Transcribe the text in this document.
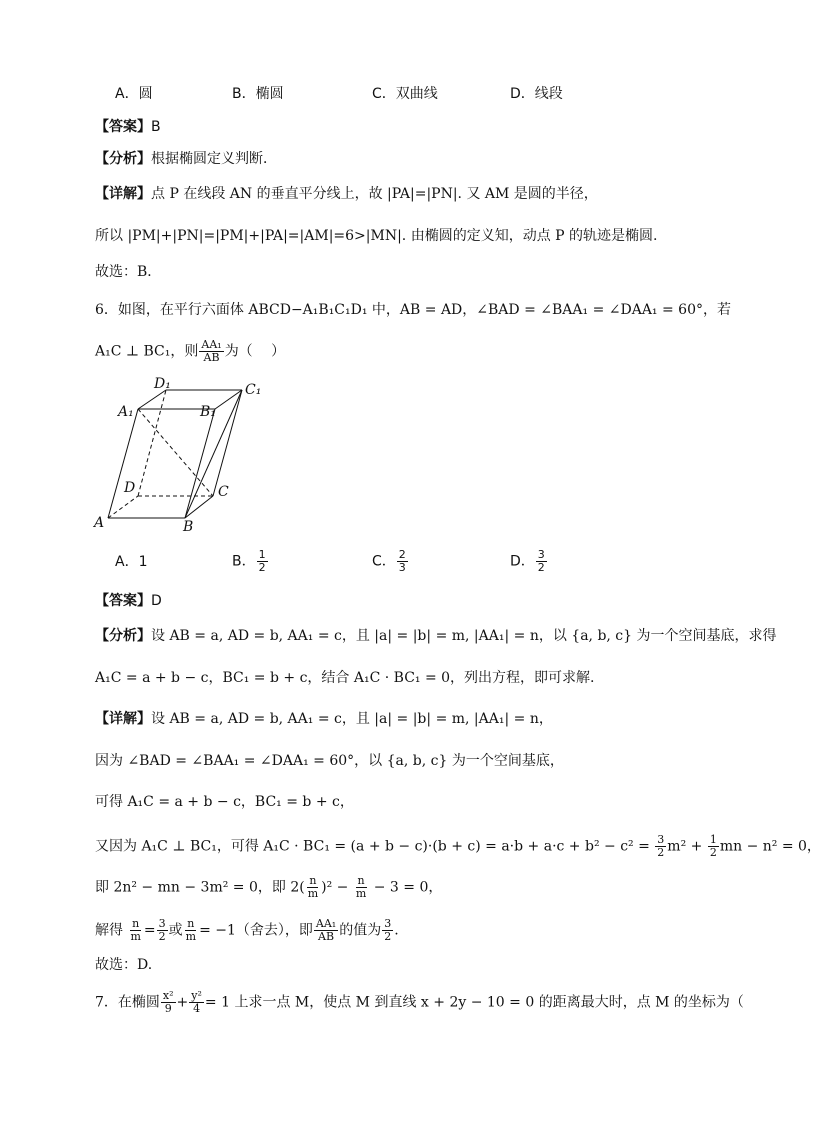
A．圆	B．椭圆	C．双曲线	D．线段
【答案】B
【分析】根据椭圆定义判断．
【详解】点 P 在线段 AN 的垂直平分线上，故 |PA|=|PN|. 又 AM 是圆的半径，
所以 |PM|+|PN|=|PM|+|PA|=|AM|=6>|MN|. 由椭圆的定义知，动点 P 的轨迹是椭圆.
故选：B．
6．如图，在平行六面体 ABCD−A₁B₁C₁D₁ 中，AB = AD，∠BAD = ∠BAA₁ = ∠DAA₁ = 60°，若
A₁C ⊥ BC₁，则 $\frac{\text{AA₁}}{AB}$ 为（　 ）
D₁	C₁
A₁	B₁
D	C
A	B
A．1	B． $\frac{1}{2}$	C． $\frac{2}{3}$	D． $\frac{3}{2}$
【答案】D
【分析】设 AB = a, AD = b, AA₁ = c，且 |a| = |b| = m, |AA₁| = n，以 {a, b, c} 为一个空间基底，求得
A₁C = a + b − c，BC₁ = b + c，结合 A₁C · BC₁ = 0，列出方程，即可求解.
【详解】设 AB = a, AD = b, AA₁ = c，且 |a| = |b| = m, |AA₁| = n，
因为 ∠BAD = ∠BAA₁ = ∠DAA₁ = 60°，以 {a, b, c} 为一个空间基底，
可得 A₁C = a + b − c，BC₁ = b + c，
又因为 A₁C ⊥ BC₁，可得 $A_1C \cdot BC_1 = (a + b - c)\cdot(b + c) = a\cdot b + a\cdot c + b^2 - c^2 = \frac{3}{2} m^2 + \frac{1}{2}$ mn − n² = 0，
即 2n² − mn − 3m² = 0，即 $2( \frac{n}{m} )^2 - \frac{n}{m} - 3 = 0$，
解得 $\frac{n}{m} = \frac{3}{2}$ 或 $\frac{n}{m} = -1$（舍去），即 $\frac{\text{AA₁}}{AB}$ 的值为 $\frac{3}{2}$ .
故选：D.
7．在椭圆 $\frac{\text{x²}}{9} + \frac{\text{y²}}{4} = 1$ 上求一点 M，使点 M 到直线 x + 2y − 10 = 0 的距离最大时，点 M 的坐标为（
